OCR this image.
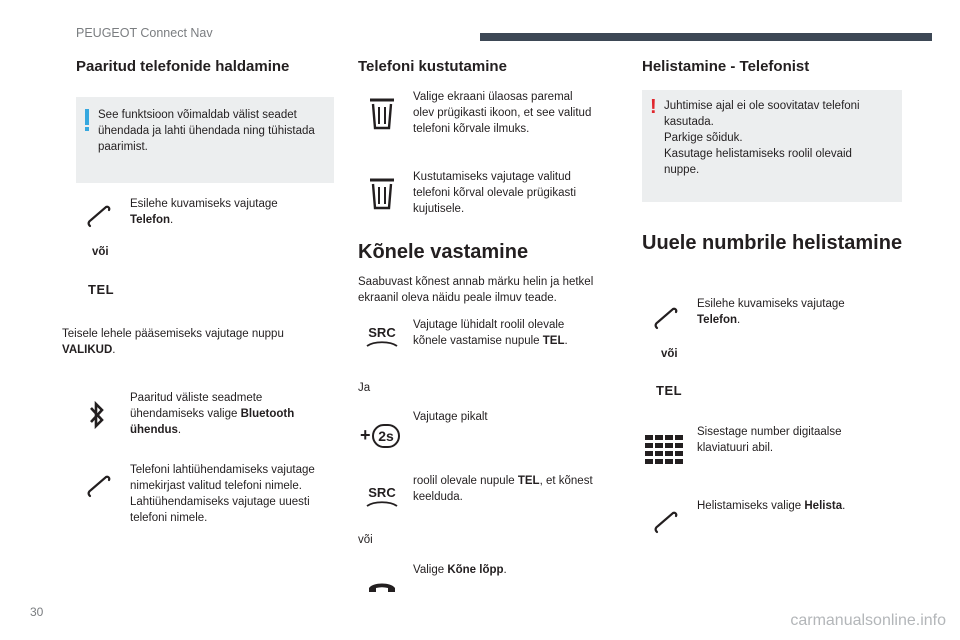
PEUGEOT Connect Nav
Paaritud telefonide haldamine
See funktsioon võimaldab välist seadet
ühendada ja lahti ühendada ning tühistada
paarimist.
Esilehe kuvamiseks vajutage
Telefon.
või
TEL
Teisele lehele pääsemiseks vajutage nuppu
VALIKUD.
Paaritud väliste seadmete
ühendamiseks valige Bluetooth
ühendus.
Telefoni lahtiühendamiseks vajutage
nimekirjast valitud telefoni nimele.
Lahtiühendamiseks vajutage uuesti
telefoni nimele.
Telefoni kustutamine
Valige ekraani ülaosas paremal
olev prügikasti ikoon, et see valitud
telefoni kõrvale ilmuks.
Kustutamiseks vajutage valitud
telefoni kõrval olevale prügikasti
kujutisele.
Kõnele vastamine
Saabuvast kõnest annab märku helin ja hetkel
ekraanil oleva näidu peale ilmuv teade.
SRC	Vajutage lühidalt roolil olevale
kõnele vastamise nupule TEL.
Ja
+ 2s
Vajutage pikalt
SRC
roolil olevale nupule TEL, et kõnest
keelduda.
või
Valige Kõne lõpp.
Helistamine - Telefonist
! Juhtimise ajal ei ole soovitatav telefoni
kasutada.
Parkige sõiduk.
Kasutage helistamiseks roolil olevaid
nuppe.
Uuele numbrile helistamine
Esilehe kuvamiseks vajutage
Telefon.
või
TEL
Sisestage number digitaalse
klaviatuuri abil.
Helistamiseks valige Helista.
30	carmanualsonline.info
